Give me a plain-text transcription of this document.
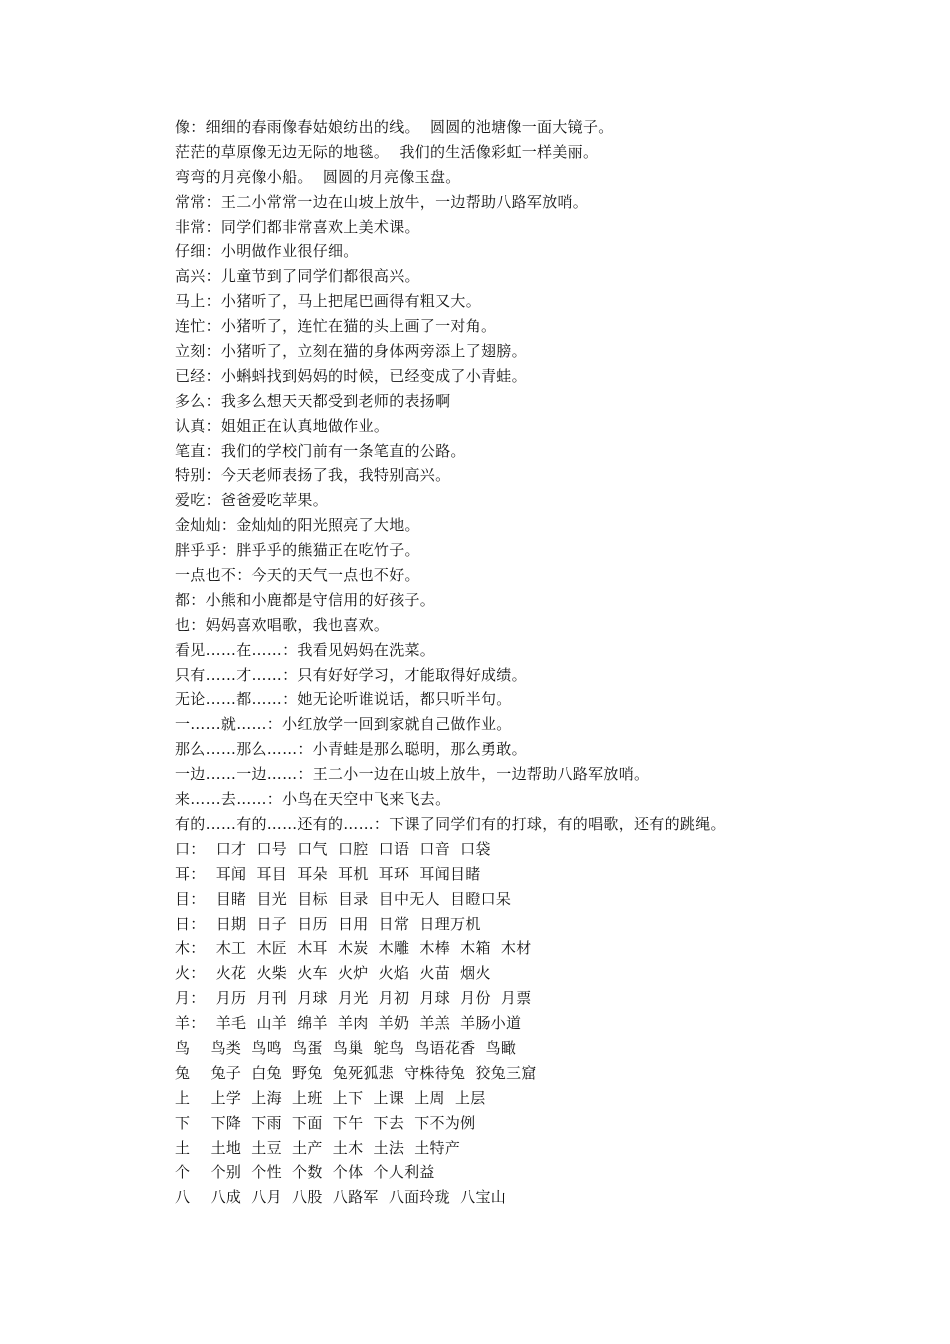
像：细细的春雨像春姑娘纺出的线。  圆圆的池塘像一面大镜子。
茫茫的草原像无边无际的地毯。  我们的生活像彩虹一样美丽。
弯弯的月亮像小船。  圆圆的月亮像玉盘。
常常：王二小常常一边在山坡上放牛，一边帮助八路军放哨。
非常：同学们都非常喜欢上美术课。
仔细：小明做作业很仔细。
高兴：儿童节到了同学们都很高兴。
马上：小猪听了，马上把尾巴画得有粗又大。
连忙：小猪听了，连忙在猫的头上画了一对角。
立刻：小猪听了，立刻在猫的身体两旁添上了翅膀。
已经：小蝌蚪找到妈妈的时候，已经变成了小青蛙。
多么：我多么想天天都受到老师的表扬啊
认真：姐姐正在认真地做作业。
笔直：我们的学校门前有一条笔直的公路。
特别：今天老师表扬了我，我特别高兴。
爱吃：爸爸爱吃苹果。
金灿灿：金灿灿的阳光照亮了大地。
胖乎乎：胖乎乎的熊猫正在吃竹子。
一点也不：今天的天气一点也不好。
都：小熊和小鹿都是守信用的好孩子。
也：妈妈喜欢唱歌，我也喜欢。
看见……在……：我看见妈妈在洗菜。
只有……才……：只有好好学习，才能取得好成绩。
无论……都……：她无论听谁说话，都只听半句。
一……就……：小红放学一回到家就自己做作业。
那么……那么……：小青蛙是那么聪明，那么勇敢。
一边……一边……：王二小一边在山坡上放牛，一边帮助八路军放哨。
来……去……：小鸟在天空中飞来飞去。
有的……有的……还有的……：下课了同学们有的打球，有的唱歌，还有的跳绳。
口：  口才  口号  口气  口腔  口语  口音  口袋
耳：  耳闻  耳目  耳朵  耳机  耳环  耳闻目睹
目：  目睹  目光  目标  目录  目中无人  目瞪口呆
日：  日期  日子  日历  日用  日常  日理万机
木：  木工  木匠  木耳  木炭  木雕  木棒  木箱  木材
火：  火花  火柴  火车  火炉  火焰  火苗  烟火
月：  月历  月刊  月球  月光  月初  月球  月份  月票
羊：  羊毛  山羊  绵羊  羊肉  羊奶  羊羔  羊肠小道
鸟    鸟类  鸟鸣  鸟蛋  鸟巢  鸵鸟  鸟语花香  鸟瞰
兔    兔子  白兔  野兔  兔死狐悲  守株待兔  狡兔三窟
上    上学  上海  上班  上下  上课  上周  上层
下    下降  下雨  下面  下午  下去  下不为例
土    土地  土豆  土产  土木  土法  土特产
个    个别  个性  个数  个体  个人利益
八    八成  八月  八股  八路军  八面玲珑  八宝山
